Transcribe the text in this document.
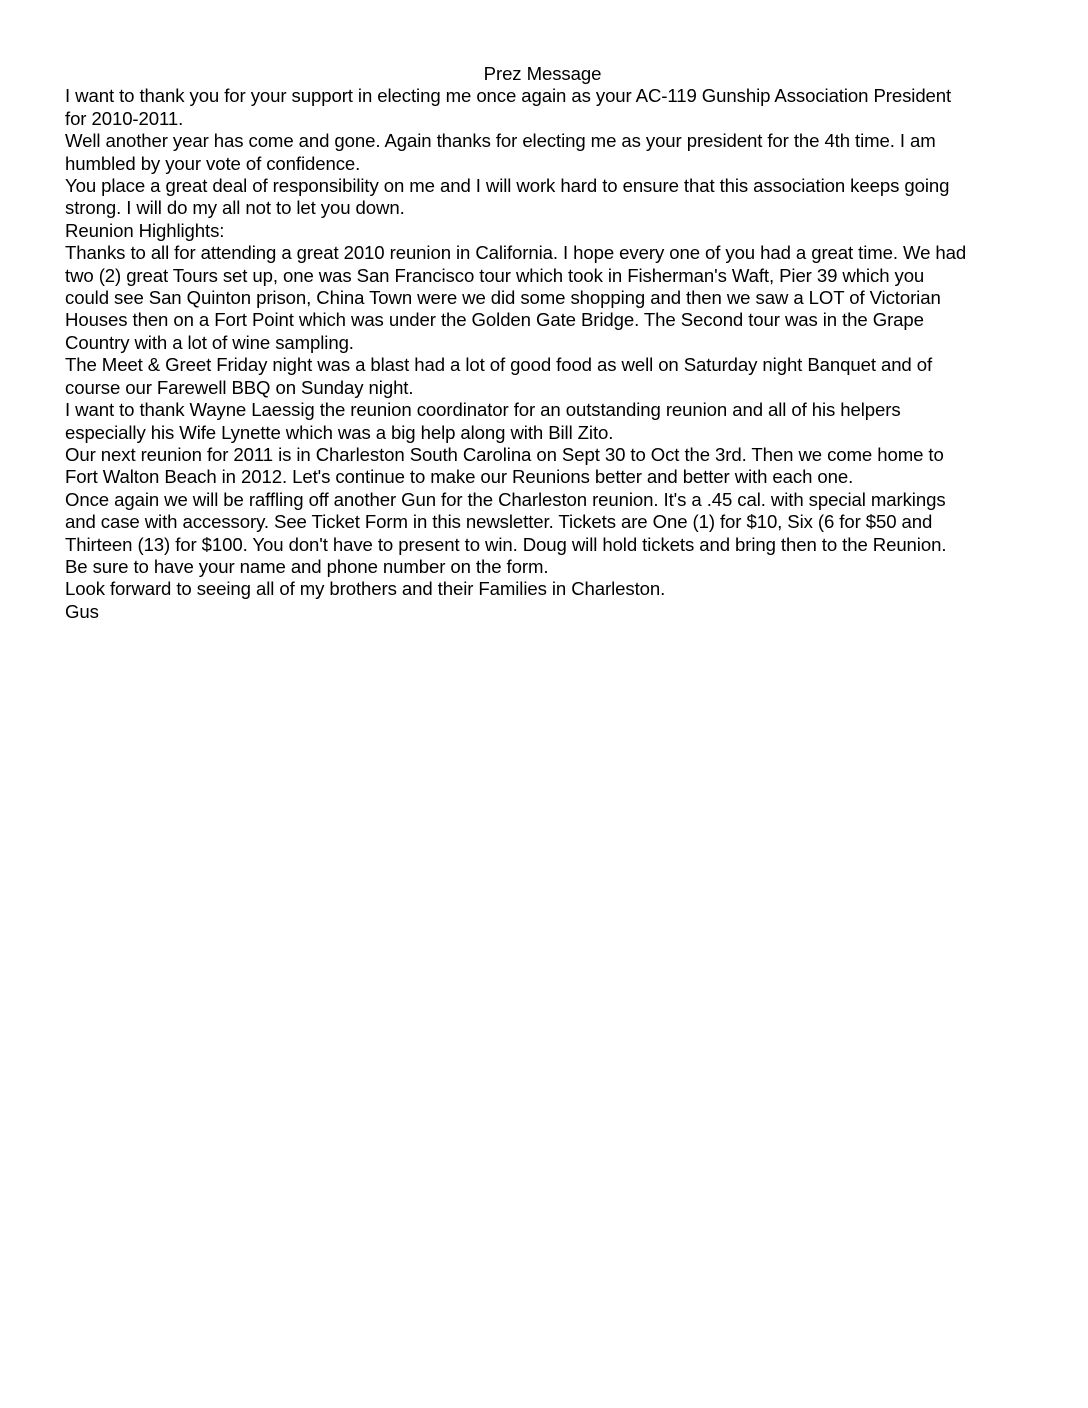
Prez Message
I want to thank you for your support in electing me once again as your AC-119 Gunship Association President
for 2010-2011.
Well another year has come and gone. Again thanks for electing me as your president for the 4th time. I am
humbled by your vote of confidence.
You place a great deal of responsibility on me and I will work hard to ensure that this association keeps going
strong. I will do my all not to let you down.
Reunion Highlights:
Thanks to all for attending a great 2010 reunion in California. I hope every one of you had a great time. We had
two (2) great Tours set up, one was San Francisco tour which took in Fisherman's Waft, Pier 39 which you
could see San Quinton prison, China Town were we did some shopping and then we saw a LOT of Victorian
Houses then on a Fort Point which was under the Golden Gate Bridge. The Second tour was in the Grape
Country with a lot of wine sampling.
The Meet & Greet Friday night was a blast had a lot of good food as well on Saturday night Banquet and of
course our Farewell BBQ on Sunday night.
I want to thank Wayne Laessig the reunion coordinator for an outstanding reunion and all of his helpers
especially his Wife Lynette which was a big help along with Bill Zito.
Our next reunion for 2011 is in Charleston South Carolina on Sept 30 to Oct the 3rd. Then we come home to
Fort Walton Beach in 2012. Let's continue to make our Reunions better and better with each one.
Once again we will be raffling off another Gun for the Charleston reunion. It's a .45 cal. with special markings
and case with accessory. See Ticket Form in this newsletter. Tickets are One (1) for $10, Six (6 for $50 and
Thirteen (13) for $100. You don't have to present to win. Doug will hold tickets and bring then to the Reunion.
Be sure to have your name and phone number on the form.
Look forward to seeing all of my brothers and their Families in Charleston.
Gus
